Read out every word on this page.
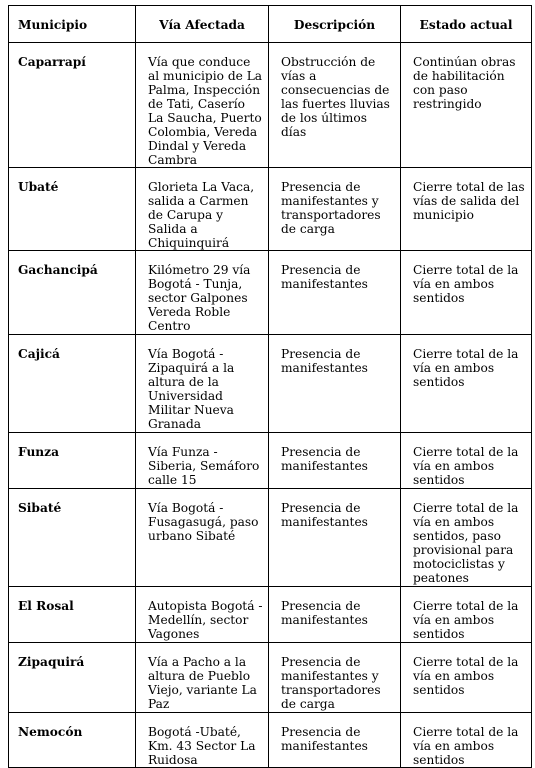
Municipio	Vía Afectada	Descripción	Estado actual
Caparrapí	Vía que conduce al municipio de La Palma, Inspección de Tati, Caserío La Saucha, Puerto Colombia, Vereda Dindal y Vereda Cambra	Obstrucción de vías a consecuencias de las fuertes lluvias de los últimos días	Continúan obras de habilitación con paso restringido
Ubaté	Glorieta La Vaca, salida a Carmen de Carupa y Salida a Chiquinquirá	Presencia de manifestantes y transportadores de carga	Cierre total de las vías de salida del municipio
Gachancipá	Kilómetro 29 vía Bogotá - Tunja, sector Galpones Vereda Roble Centro	Presencia de manifestantes	Cierre total de la vía en ambos sentidos
Cajicá	Vía Bogotá - Zipaquirá a la altura de la Universidad Militar Nueva Granada	Presencia de manifestantes	Cierre total de la vía en ambos sentidos
Funza	Vía Funza - Siberia, Semáforo calle 15	Presencia de manifestantes	Cierre total de la vía en ambos sentidos
Sibaté	Vía Bogotá - Fusagasugá, paso urbano Sibaté	Presencia de manifestantes	Cierre total de la vía en ambos sentidos, paso provisional para motociclistas y peatones
El Rosal	Autopista Bogotá - Medellín, sector Vagones	Presencia de manifestantes	Cierre total de la vía en ambos sentidos
Zipaquirá	Vía a Pacho a la altura de Pueblo Viejo, variante La Paz	Presencia de manifestantes y transportadores de carga	Cierre total de la vía en ambos sentidos
Nemocón	Bogotá -Ubaté, Km. 43 Sector La Ruidosa	Presencia de manifestantes	Cierre total de la vía en ambos sentidos
